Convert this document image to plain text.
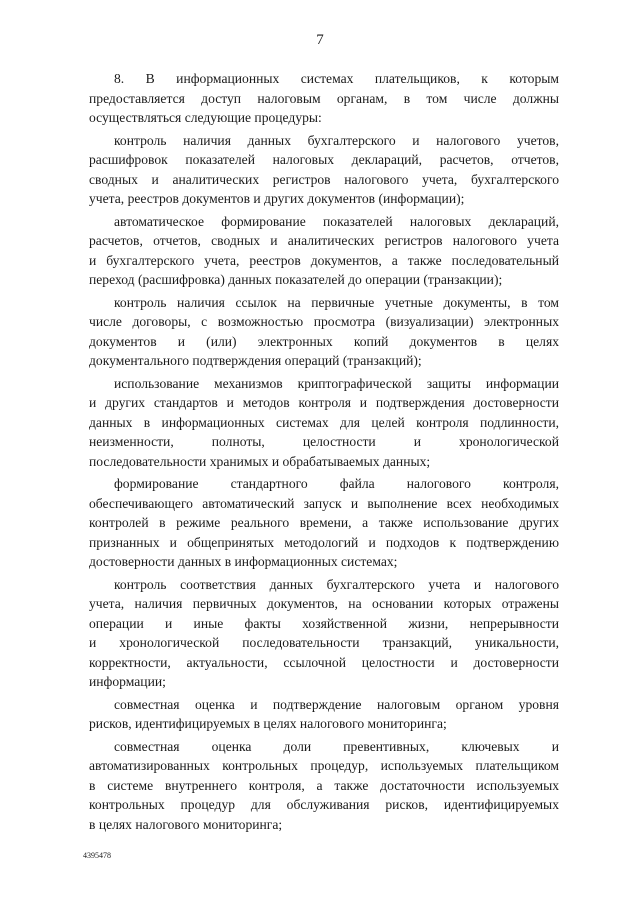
7
8. В информационных системах плательщиков, к которым
предоставляется доступ налоговым органам, в том числе должны
осуществляться следующие процедуры:
контроль наличия данных бухгалтерского и налогового учетов,
расшифровок показателей налоговых деклараций, расчетов, отчетов,
сводных и аналитических регистров налогового учета, бухгалтерского
учета, реестров документов и других документов (информации);
автоматическое формирование показателей налоговых деклараций,
расчетов, отчетов, сводных и аналитических регистров налогового учета
и бухгалтерского учета, реестров документов, а также последовательный
переход (расшифровка) данных показателей до операции (транзакции);
контроль наличия ссылок на первичные учетные документы, в том
числе договоры, с возможностью просмотра (визуализации) электронных
документов и (или) электронных копий документов в целях
документального подтверждения операций (транзакций);
использование механизмов криптографической защиты информации
и других стандартов и методов контроля и подтверждения достоверности
данных в информационных системах для целей контроля подлинности,
неизменности, полноты, целостности и хронологической
последовательности хранимых и обрабатываемых данных;
формирование стандартного файла налогового контроля,
обеспечивающего автоматический запуск и выполнение всех необходимых
контролей в режиме реального времени, а также использование других
признанных и общепринятых методологий и подходов к подтверждению
достоверности данных в информационных системах;
контроль соответствия данных бухгалтерского учета и налогового
учета, наличия первичных документов, на основании которых отражены
операции и иные факты хозяйственной жизни, непрерывности
и хронологической последовательности транзакций, уникальности,
корректности, актуальности, ссылочной целостности и достоверности
информации;
совместная оценка и подтверждение налоговым органом уровня
рисков, идентифицируемых в целях налогового мониторинга;
совместная оценка доли превентивных, ключевых и
автоматизированных контрольных процедур, используемых плательщиком
в системе внутреннего контроля, а также достаточности используемых
контрольных процедур для обслуживания рисков, идентифицируемых
в целях налогового мониторинга;
4395478
